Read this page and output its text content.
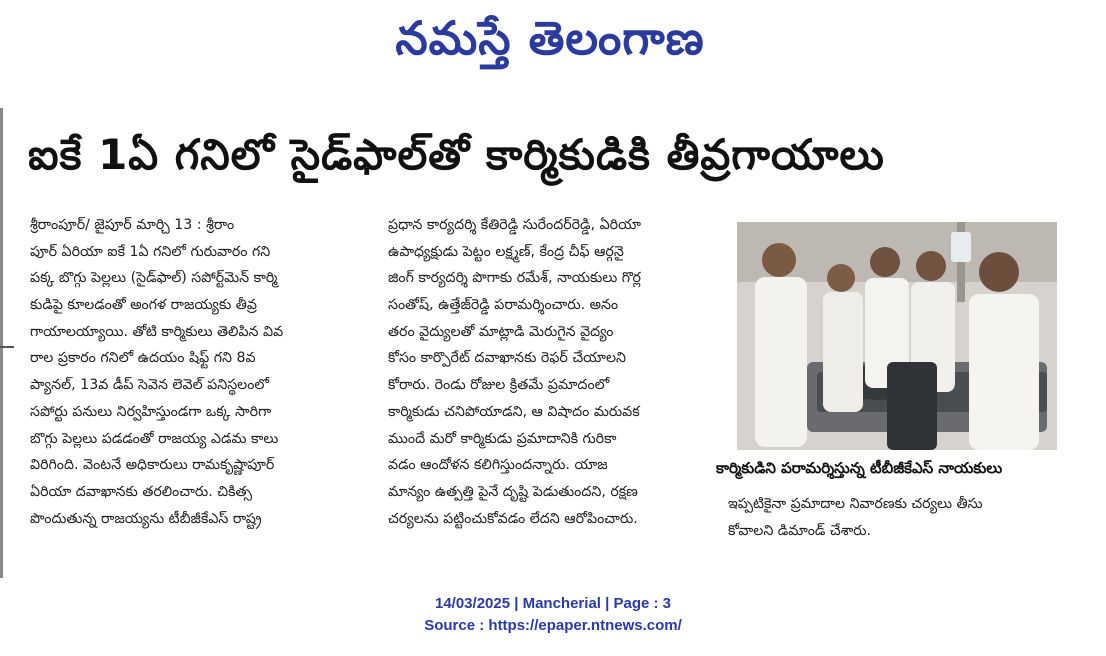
నమస్తే తెలంగాణ
ఐకే 1ఏ గనిలో సైడ్‌ఫాల్‌తో కార్మికుడికి తీవ్రగాయాలు
శ్రీరాంపూర్/ జైపూర్ మార్చి 13 : శ్రీరాం
పూర్ ఏరియా ఐకే 1ఏ గనిలో గురువారం గని
పక్క బొగ్గు పెల్లలు (సైడ్‌ఫాల్) సపోర్ట్‌మెన్ కార్మి
కుడిపై కూలడంతో అంగళ రాజయ్యకు తీవ్ర
గాయాలయ్యాయి. తోటి కార్మికులు తెలిపిన వివ
రాల ప్రకారం గనిలో ఉదయం షిఫ్ట్ గని 8వ
ప్యానల్, 13వ డీప్ సెవెన లెవెల్ పనిస్థలంలో
సపోర్టు పనులు నిర్వహిస్తుండగా ఒక్క సారిగా
బొగ్గు పెల్లలు పడడంతో రాజయ్య ఎడమ కాలు
విరిగింది. వెంటనే అధికారులు రామకృష్ణాపూర్
ఏరియా దవాఖానకు తరలించారు. చికిత్స
పొందుతున్న రాజయ్యను టీబీజీకేఎస్ రాష్ట్ర
ప్రధాన కార్యదర్శి కేతిరెడ్డి సురేందర్‌రెడ్డి, ఏరియా
ఉపాధ్యక్షుడు పెట్టం లక్ష్మణ్, కేంద్ర చీఫ్ ఆర్గనై
జింగ్ కార్యదర్శి పొగాకు రమేశ్, నాయకులు గొర్ల
సంతోష్, ఉత్తేజ్‌రెడ్డి పరామర్శించారు. అనం
తరం వైద్యులతో మాట్లాడి మెరుగైన వైద్యం
కోసం కార్పొరేట్ దవాఖానకు రెఫర్ చేయాలని
కోరారు. రెండు రోజుల క్రితమే ప్రమాదంలో
కార్మికుడు చనిపోయాడని, ఆ విషాదం మరువక
ముందే మరో కార్మికుడు ప్రమాదానికి గురికా
వడం ఆందోళన కలిగిస్తుందన్నారు. యాజ
మాన్యం ఉత్పత్తి పైనే దృష్టి పెడుతుందని, రక్షణ
చర్యలను పట్టించుకోవడం లేదని ఆరోపించారు.
కార్మికుడిని పరామర్శిస్తున్న టీబీజీకేఎస్ నాయకులు
ఇప్పటికైనా ప్రమాదాల నివారణకు చర్యలు తీసు
కోవాలని డిమాండ్ చేశారు.
14/03/2025 | Mancherial | Page : 3
Source : https://epaper.ntnews.com/
